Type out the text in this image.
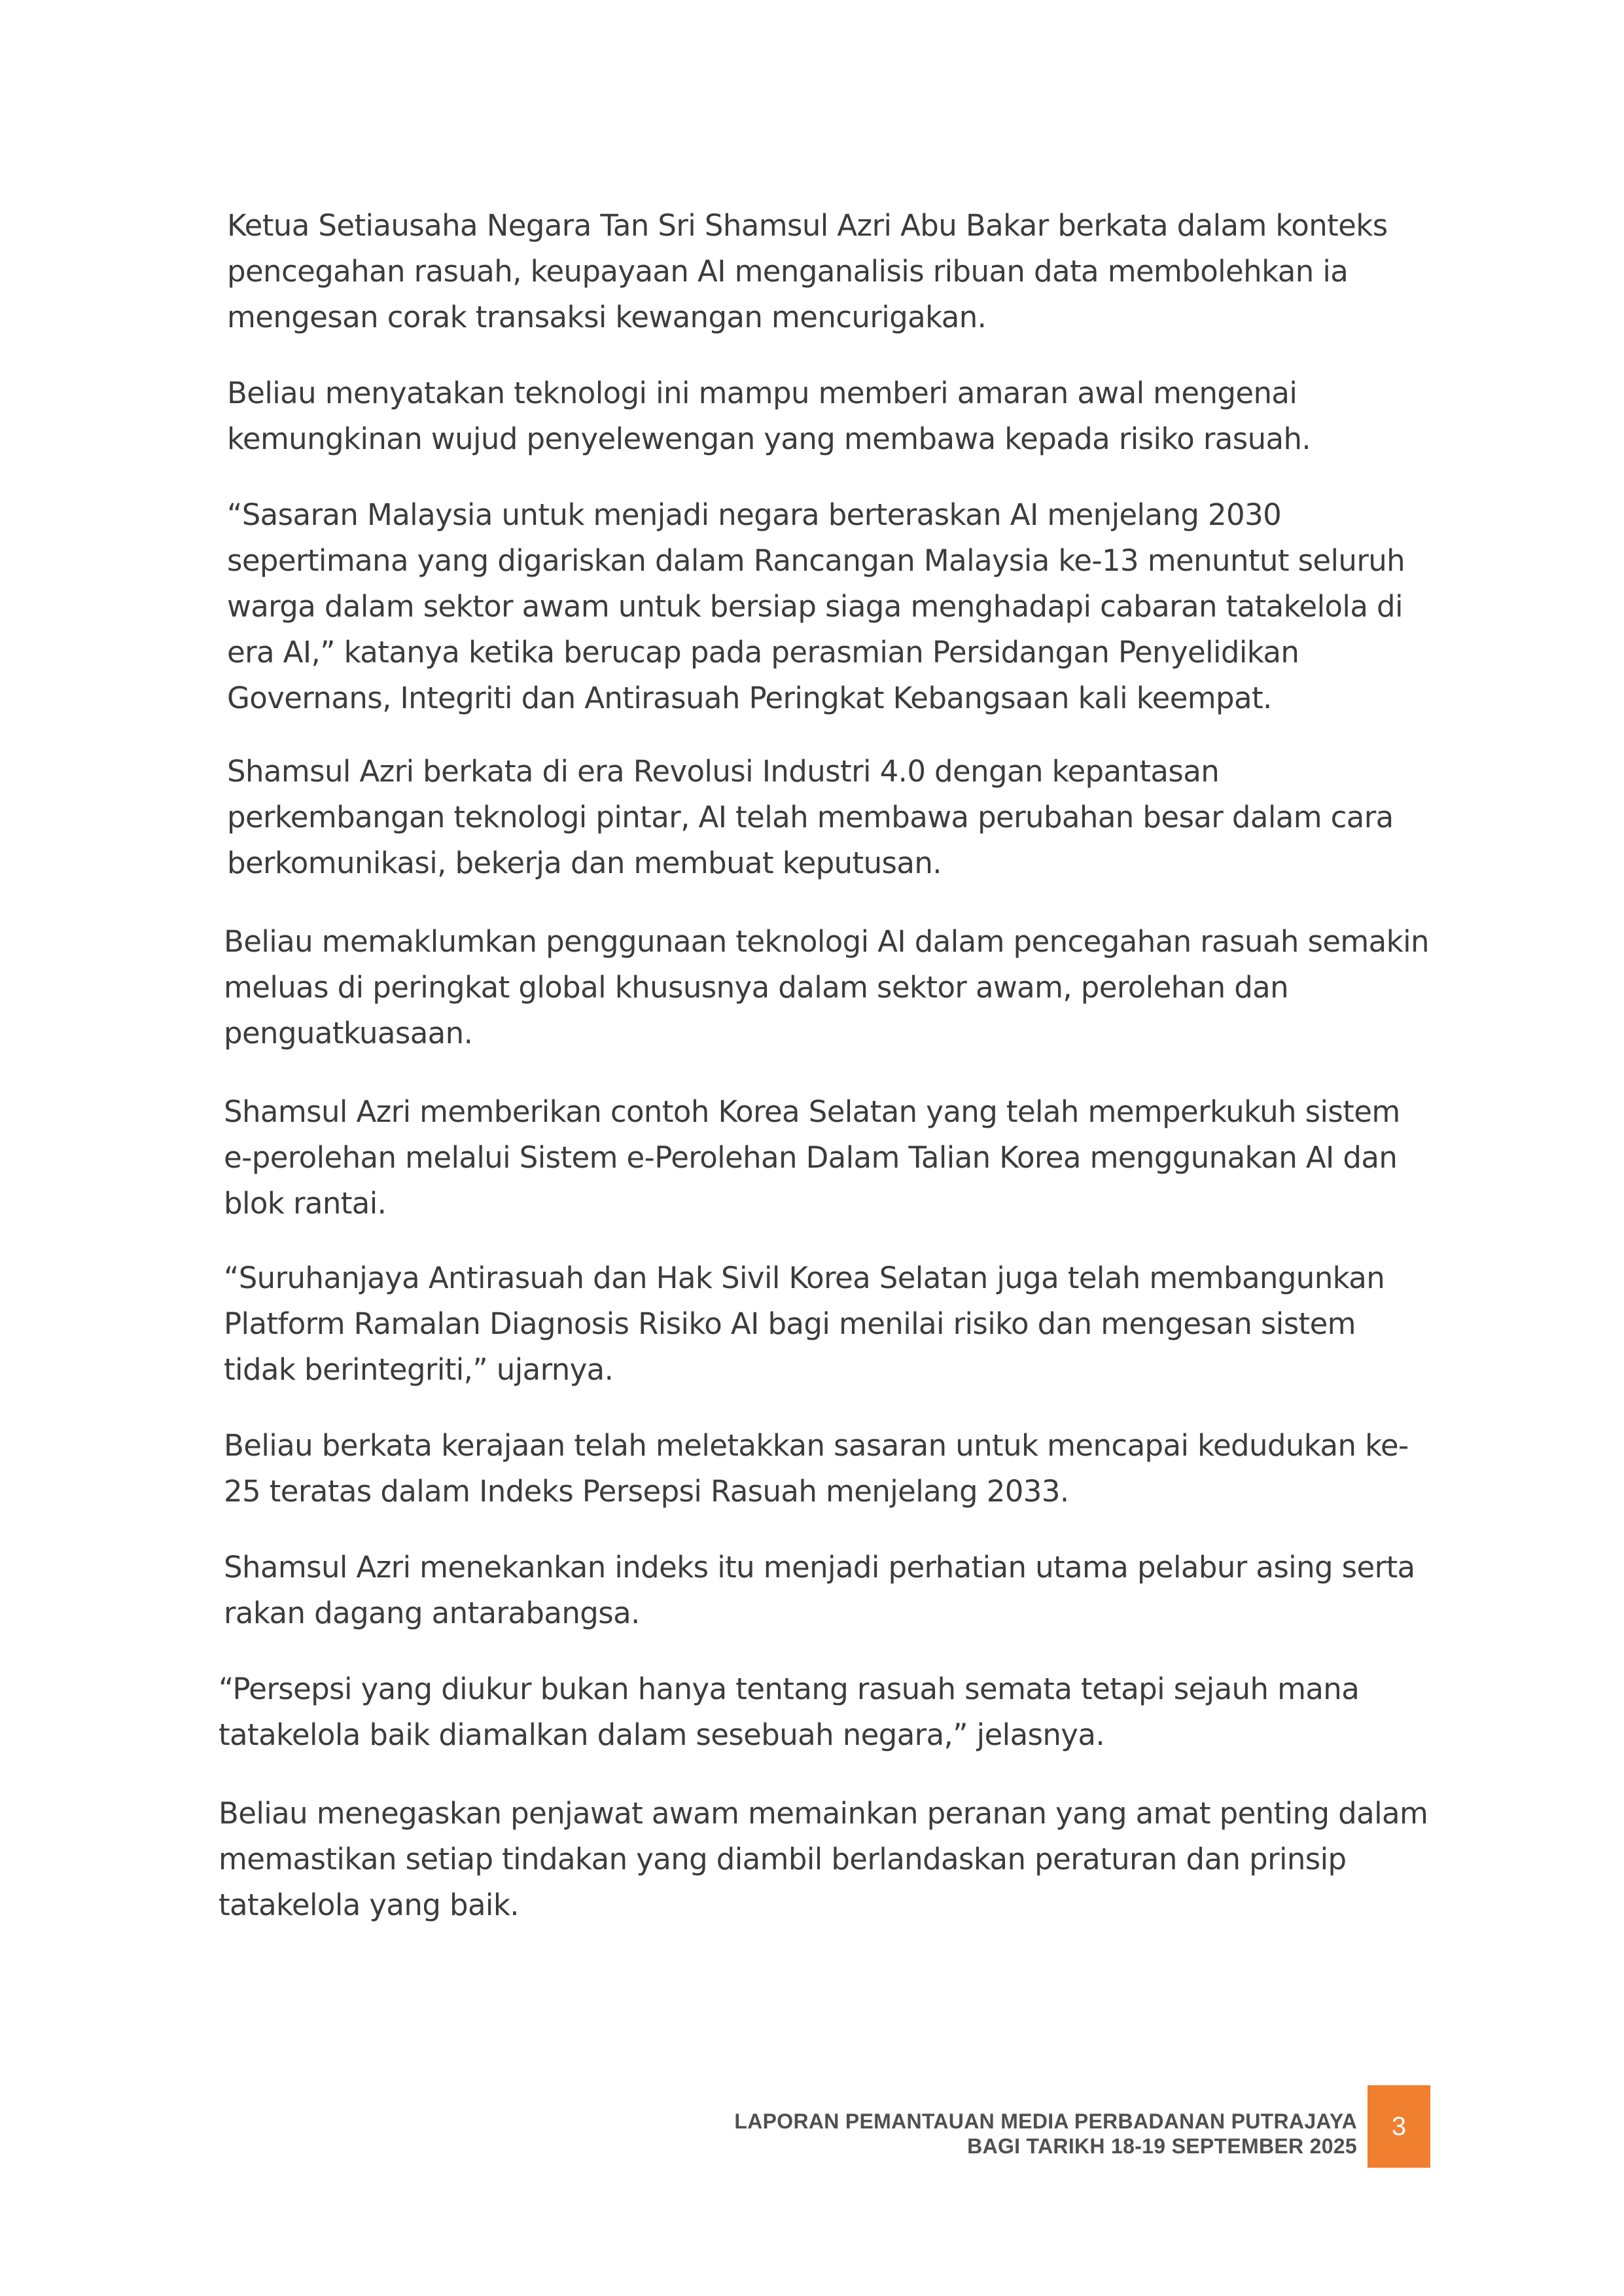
Ketua Setiausaha Negara Tan Sri Shamsul Azri Abu Bakar berkata dalam konteks pencegahan rasuah, keupayaan AI menganalisis ribuan data membolehkan ia mengesan corak transaksi kewangan mencurigakan.

Beliau menyatakan teknologi ini mampu memberi amaran awal mengenai kemungkinan wujud penyelewengan yang membawa kepada risiko rasuah.

“Sasaran Malaysia untuk menjadi negara berteraskan AI menjelang 2030 sepertimana yang digariskan dalam Rancangan Malaysia ke-13 menuntut seluruh warga dalam sektor awam untuk bersiap siaga menghadapi cabaran tatakelola di era AI,” katanya ketika berucap pada perasmian Persidangan Penyelidikan Governans, Integriti dan Antirasuah Peringkat Kebangsaan kali keempat.

Shamsul Azri berkata di era Revolusi Industri 4.0 dengan kepantasan perkembangan teknologi pintar, AI telah membawa perubahan besar dalam cara berkomunikasi, bekerja dan membuat keputusan.

Beliau memaklumkan penggunaan teknologi AI dalam pencegahan rasuah semakin meluas di peringkat global khususnya dalam sektor awam, perolehan dan penguatkuasaan.

Shamsul Azri memberikan contoh Korea Selatan yang telah memperkukuh sistem e-perolehan melalui Sistem e-Perolehan Dalam Talian Korea menggunakan AI dan blok rantai.

“Suruhanjaya Antirasuah dan Hak Sivil Korea Selatan juga telah membangunkan Platform Ramalan Diagnosis Risiko AI bagi menilai risiko dan mengesan sistem tidak berintegriti,” ujarnya.

Beliau berkata kerajaan telah meletakkan sasaran untuk mencapai kedudukan ke-25 teratas dalam Indeks Persepsi Rasuah menjelang 2033.

Shamsul Azri menekankan indeks itu menjadi perhatian utama pelabur asing serta rakan dagang antarabangsa.

“Persepsi yang diukur bukan hanya tentang rasuah semata tetapi sejauh mana tatakelola baik diamalkan dalam sesebuah negara,” jelasnya.

Beliau menegaskan penjawat awam memainkan peranan yang amat penting dalam memastikan setiap tindakan yang diambil berlandaskan peraturan dan prinsip tatakelola yang baik.

LAPORAN PEMANTAUAN MEDIA PERBADANAN PUTRAJAYA
BAGI TARIKH 18-19 SEPTEMBER 2025
3
